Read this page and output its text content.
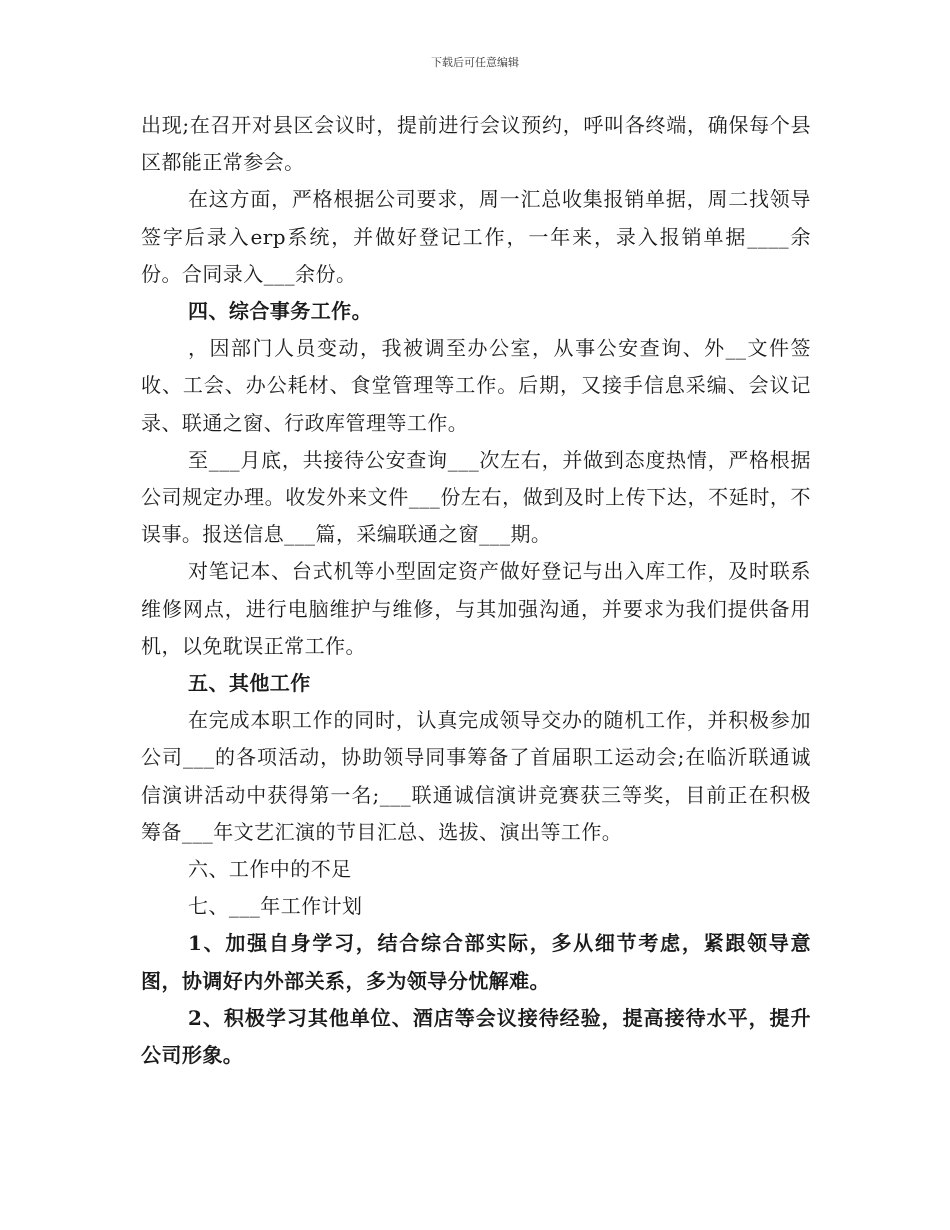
下载后可任意编辑

出现;在召开对县区会议时，提前进行会议预约，呼叫各终端，确保每个县区都能正常参会。

在这方面，严格根据公司要求，周一汇总收集报销单据，周二找领导签字后录入erp系统，并做好登记工作，一年来，录入报销单据____余份。合同录入___余份。

四、综合事务工作。

，因部门人员变动，我被调至办公室，从事公安查询、外__文件签收、工会、办公耗材、食堂管理等工作。后期，又接手信息采编、会议记录、联通之窗、行政库管理等工作。

至___月底，共接待公安查询___次左右，并做到态度热情，严格根据公司规定办理。收发外来文件___份左右，做到及时上传下达，不延时，不误事。报送信息___篇，采编联通之窗___期。

对笔记本、台式机等小型固定资产做好登记与出入库工作，及时联系维修网点，进行电脑维护与维修，与其加强沟通，并要求为我们提供备用机，以免耽误正常工作。

五、其他工作

在完成本职工作的同时，认真完成领导交办的随机工作，并积极参加公司___的各项活动，协助领导同事筹备了首届职工运动会;在临沂联通诚信演讲活动中获得第一名;___联通诚信演讲竞赛获三等奖，目前正在积极筹备___年文艺汇演的节目汇总、选拔、演出等工作。

六、工作中的不足

七、___年工作计划

1、加强自身学习，结合综合部实际，多从细节考虑，紧跟领导意图，协调好内外部关系，多为领导分忧解难。

2、积极学习其他单位、酒店等会议接待经验，提高接待水平，提升公司形象。
